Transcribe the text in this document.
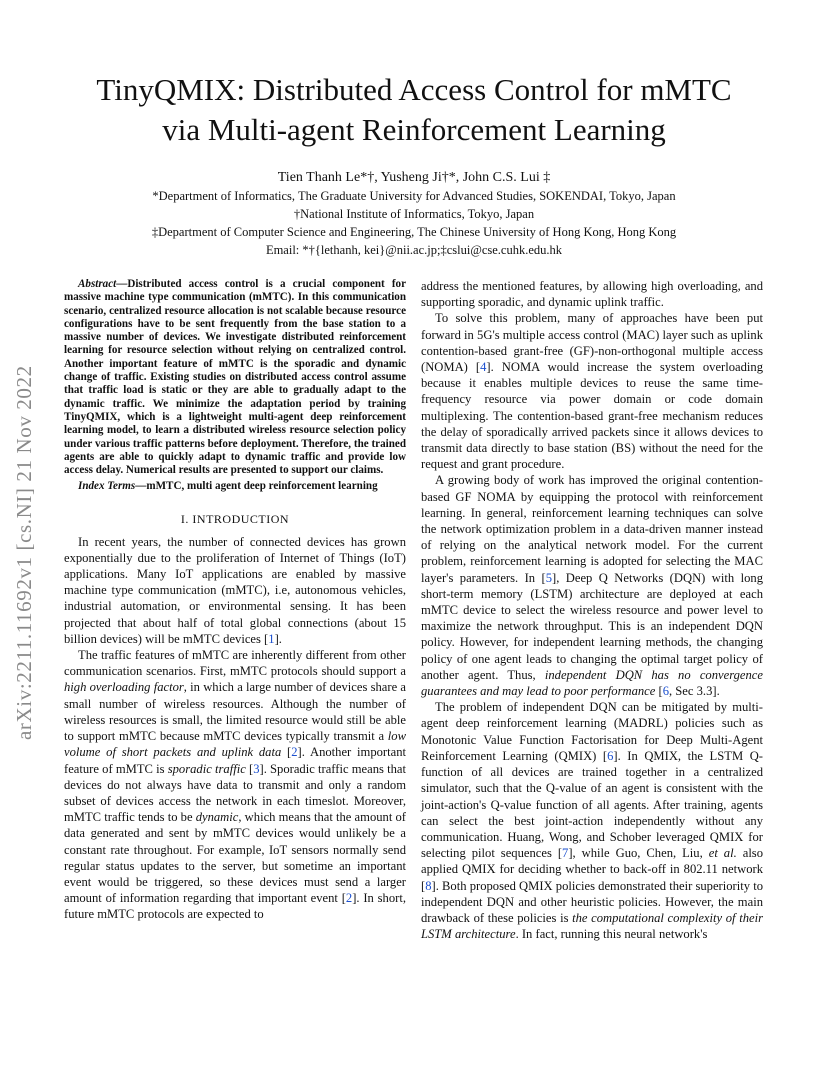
arXiv:2211.11692v1 [cs.NI] 21 Nov 2022
TinyQMIX: Distributed Access Control for mMTC
via Multi-agent Reinforcement Learning
Tien Thanh Le*†, Yusheng Ji†*, John C.S. Lui ‡
*Department of Informatics, The Graduate University for Advanced Studies, SOKENDAI, Tokyo, Japan
†National Institute of Informatics, Tokyo, Japan
‡Department of Computer Science and Engineering, The Chinese University of Hong Kong, Hong Kong
Email: *†{lethanh, kei}@nii.ac.jp;‡cslui@cse.cuhk.edu.hk

Abstract—Distributed access control is a crucial component for massive machine type communication (mMTC). In this communication scenario, centralized resource allocation is not scalable because resource configurations have to be sent frequently from the base station to a massive number of devices. We investigate distributed reinforcement learning for resource selection without relying on centralized control. Another important feature of mMTC is the sporadic and dynamic change of traffic. Existing studies on distributed access control assume that traffic load is static or they are able to gradually adapt to the dynamic traffic. We minimize the adaptation period by training TinyQMIX, which is a lightweight multi-agent deep reinforcement learning model, to learn a distributed wireless resource selection policy under various traffic patterns before deployment. Therefore, the trained agents are able to quickly adapt to dynamic traffic and provide low access delay. Numerical results are presented to support our claims.

Index Terms—mMTC, multi agent deep reinforcement learning

I. INTRODUCTION

In recent years, the number of connected devices has grown exponentially due to the proliferation of Internet of Things (IoT) applications. Many IoT applications are enabled by massive machine type communication (mMTC), i.e, autonomous vehicles, industrial automation, or environmental sensing. It has been projected that about half of total global connections (about 15 billion devices) will be mMTC devices [1].

The traffic features of mMTC are inherently different from other communication scenarios. First, mMTC protocols should support a high overloading factor, in which a large number of devices share a small number of wireless resources. Although the number of wireless resources is small, the limited resource would still be able to support mMTC because mMTC devices typically transmit a low volume of short packets and uplink data [2]. Another important feature of mMTC is sporadic traffic [3]. Sporadic traffic means that devices do not always have data to transmit and only a random subset of devices access the network in each timeslot. Moreover, mMTC traffic tends to be dynamic, which means that the amount of data generated and sent by mMTC devices would unlikely be a constant rate throughout. For example, IoT sensors normally send regular status updates to the server, but sometime an important event would be triggered, so these devices must send a larger amount of information regarding that important event [2]. In short, future mMTC protocols are expected to

address the mentioned features, by allowing high overloading, and supporting sporadic, and dynamic uplink traffic.

To solve this problem, many of approaches have been put forward in 5G's multiple access control (MAC) layer such as uplink contention-based grant-free (GF)-non-orthogonal multiple access (NOMA) [4]. NOMA would increase the system overloading because it enables multiple devices to reuse the same time-frequency resource via power domain or code domain multiplexing. The contention-based grant-free mechanism reduces the delay of sporadically arrived packets since it allows devices to transmit data directly to base station (BS) without the need for the request and grant procedure.

A growing body of work has improved the original contention-based GF NOMA by equipping the protocol with reinforcement learning. In general, reinforcement learning techniques can solve the network optimization problem in a data-driven manner instead of relying on the analytical network model. For the current problem, reinforcement learning is adopted for selecting the MAC layer's parameters. In [5], Deep Q Networks (DQN) with long short-term memory (LSTM) architecture are deployed at each mMTC device to select the wireless resource and power level to maximize the network throughput. This is an independent DQN policy. However, for independent learning methods, the changing policy of one agent leads to changing the optimal target policy of another agent. Thus, independent DQN has no convergence guarantees and may lead to poor performance [6, Sec 3.3].

The problem of independent DQN can be mitigated by multi-agent deep reinforcement learning (MADRL) policies such as Monotonic Value Function Factorisation for Deep Multi-Agent Reinforcement Learning (QMIX) [6]. In QMIX, the LSTM Q-function of all devices are trained together in a centralized simulator, such that the Q-value of an agent is consistent with the joint-action's Q-value function of all agents. After training, agents can select the best joint-action independently without any communication. Huang, Wong, and Schober leveraged QMIX for selecting pilot sequences [7], while Guo, Chen, Liu, et al. also applied QMIX for deciding whether to back-off in 802.11 network [8]. Both proposed QMIX policies demonstrated their superiority to independent DQN and other heuristic policies. However, the main drawback of these policies is the computational complexity of their LSTM architecture. In fact, running this neural network's
